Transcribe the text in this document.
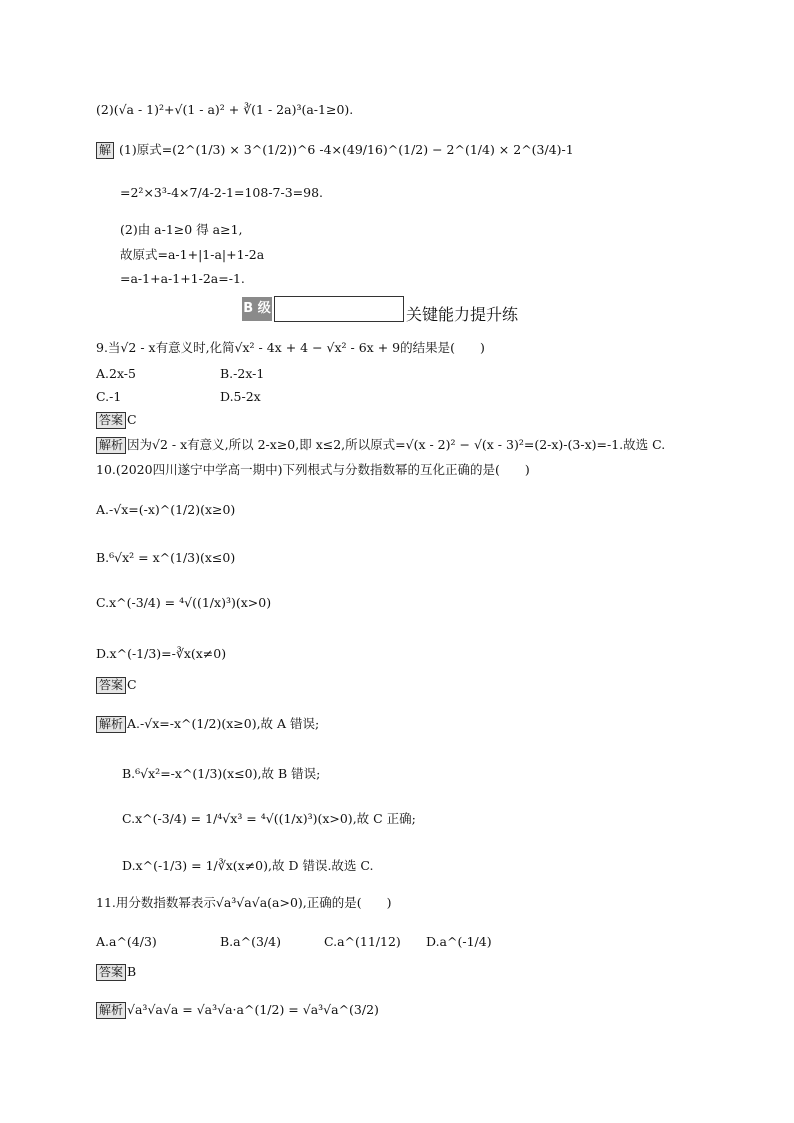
(2)(√a - 1)²+√(1 - a)² + ∛(1 - 2a)³(a-1≥0).
解 (1)原式=(2^(1/3) × 3^(1/2))^6 -4×(49/16)^(1/2) − 2^(1/4) × 2^(3/4)-1
=2²×3³-4×7/4-2-1=108-7-3=98.
(2)由 a-1≥0 得 a≥1,
故原式=a-1+|1-a|+1-2a
=a-1+a-1+1-2a=-1.
B 级	关键能力提升练
9.当√2 - x有意义时,化简√x² - 4x + 4 − √x² - 6x + 9的结果是(　　)
A.2x-5	B.-2x-1
C.-1	D.5-2x
答案 C
解析 因为√2 - x有意义,所以 2-x≥0,即 x≤2,所以原式=√(x - 2)² − √(x - 3)²=(2-x)-(3-x)=-1.故选 C.
10.(2020四川遂宁中学高一期中)下列根式与分数指数幂的互化正确的是(　　)
A.-√x=(-x)^(1/2)(x≥0)
B.⁶√x² = x^(1/3)(x≤0)
C.x^(-3/4) = ⁴√((1/x)³)(x>0)
D.x^(-1/3)=-∛x(x≠0)
答案 C
解析 A.-√x=-x^(1/2)(x≥0),故 A 错误;
B.⁶√x²=-x^(1/3)(x≤0),故 B 错误;
C.x^(-3/4) = 1/⁴√x³ = ⁴√((1/x)³)(x>0),故 C 正确;
D.x^(-1/3) = 1/∛x(x≠0),故 D 错误.故选 C.
11.用分数指数幂表示√a³√a√a(a>0),正确的是(　　)
A.a^(4/3)	B.a^(3/4)	C.a^(11/12) D.a^(-1/4)
答案 B
解析 √a³√a√a = √a³√a·a^(1/2) = √a³√a^(3/2)
